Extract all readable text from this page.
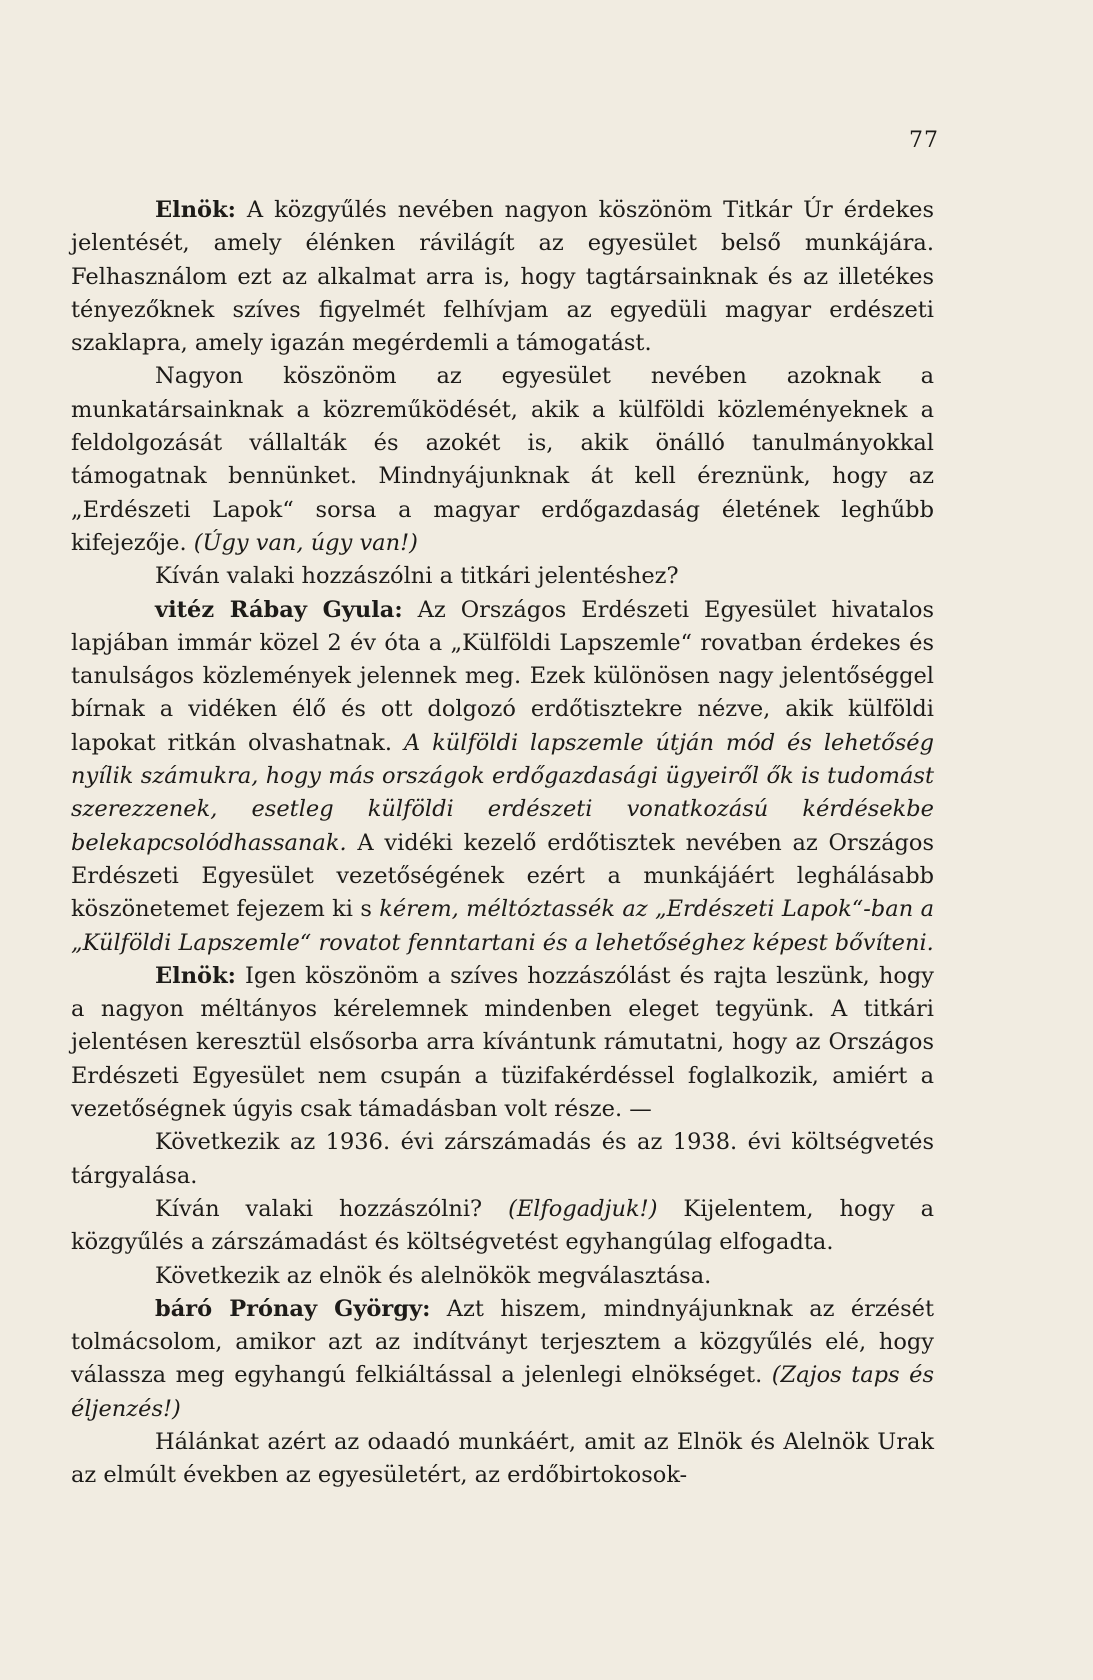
77

Elnök: A közgyűlés nevében nagyon köszönöm Titkár Úr érdekes jelentését, amely élénken rávilágít az egyesület belső munkájára. Felhasználom ezt az alkalmat arra is, hogy tagtársainknak és az illetékes tényezőknek szíves figyelmét felhívjam az egyedüli magyar erdészeti szaklapra, amely igazán megérdemli a támogatást.

Nagyon köszönöm az egyesület nevében azoknak a munkatársainknak a közreműködését, akik a külföldi közleményeknek a feldolgozását vállalták és azokét is, akik önálló tanulmányokkal támogatnak bennünket. Mindnyájunknak át kell éreznünk, hogy az „Erdészeti Lapok“ sorsa a magyar erdőgazdaság életének leghűbb kifejezője. (Úgy van, úgy van!)

Kíván valaki hozzászólni a titkári jelentéshez?

vitéz Rábay Gyula: Az Országos Erdészeti Egyesület hivatalos lapjában immár közel 2 év óta a „Külföldi Lapszemle“ rovatban érdekes és tanulságos közlemények jelennek meg. Ezek különösen nagy jelentőséggel bírnak a vidéken élő és ott dolgozó erdőtisztekre nézve, akik külföldi lapokat ritkán olvashatnak. A külföldi lapszemle útján mód és lehetőség nyílik számukra, hogy más országok erdőgazdasági ügyeiről ők is tudomást szerezzenek, esetleg külföldi erdészeti vonatkozású kérdésekbe belekapcsolódhassanak. A vidéki kezelő erdőtisztek nevében az Országos Erdészeti Egyesület vezetőségének ezért a munkájáért leghálásabb köszönetemet fejezem ki s kérem, méltóztassék az „Erdészeti Lapok“-ban a „Külföldi Lapszemle“ rovatot fenntartani és a lehetőséghez képest bővíteni.

Elnök: Igen köszönöm a szíves hozzászólást és rajta leszünk, hogy a nagyon méltányos kérelemnek mindenben eleget tegyünk. A titkári jelentésen keresztül elsősorba arra kívántunk rámutatni, hogy az Országos Erdészeti Egyesület nem csupán a tüzifakérdéssel foglalkozik, amiért a vezetőségnek úgyis csak támadásban volt része. —

Következik az 1936. évi zárszámadás és az 1938. évi költségvetés tárgyalása.

Kíván valaki hozzászólni? (Elfogadjuk!) Kijelentem, hogy a közgyűlés a zárszámadást és költségvetést egyhangúlag elfogadta.

Következik az elnök és alelnökök megválasztása.

báró Prónay György: Azt hiszem, mindnyájunknak az érzését tolmácsolom, amikor azt az indítványt terjesztem a közgyűlés elé, hogy válassza meg egyhangú felkiáltással a jelenlegi elnökséget. (Zajos taps és éljenzés!)

Hálánkat azért az odaadó munkáért, amit az Elnök és Alelnök Urak az elmúlt években az egyesületért, az erdőbirtokosok-
